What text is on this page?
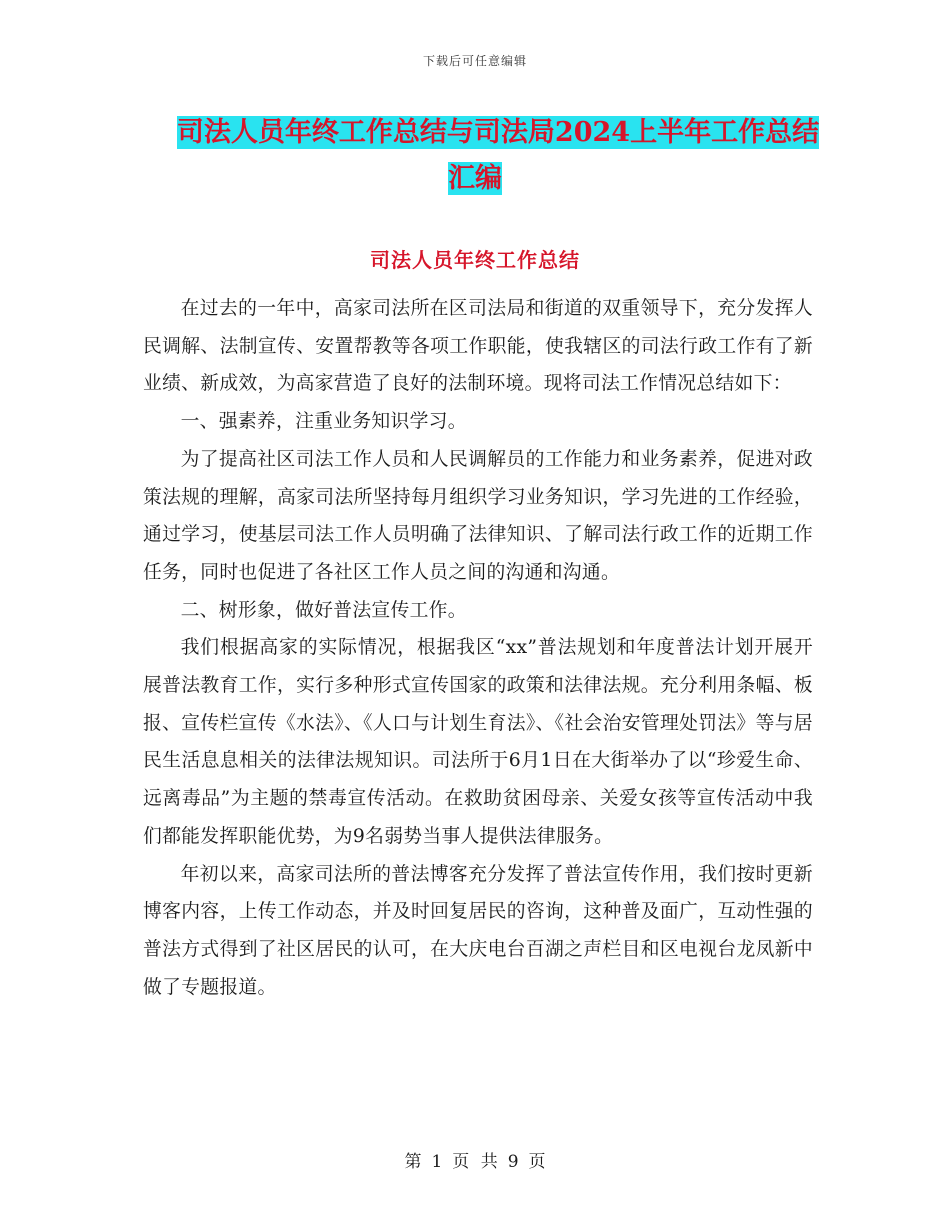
下载后可任意编辑
司法人员年终工作总结与司法局2024上半年工作总结
汇编
司法人员年终工作总结

在过去的一年中，高家司法所在区司法局和街道的双重领导下，充分发挥人民调解、法制宣传、安置帮教等各项工作职能，使我辖区的司法行政工作有了新业绩、新成效，为高家营造了良好的法制环境。现将司法工作情况总结如下：

一、强素养，注重业务知识学习。

为了提高社区司法工作人员和人民调解员的工作能力和业务素养，促进对政策法规的理解，高家司法所坚持每月组织学习业务知识，学习先进的工作经验，通过学习，使基层司法工作人员明确了法律知识、了解司法行政工作的近期工作任务，同时也促进了各社区工作人员之间的沟通和沟通。

二、树形象，做好普法宣传工作。

我们根据高家的实际情况，根据我区“xx”普法规划和年度普法计划开展开展普法教育工作，实行多种形式宣传国家的政策和法律法规。充分利用条幅、板报、宣传栏宣传《水法》、《人口与计划生育法》、《社会治安管理处罚法》等与居民生活息息相关的法律法规知识。司法所于6月1日在大街举办了以“珍爱生命、远离毒品”为主题的禁毒宣传活动。在救助贫困母亲、关爱女孩等宣传活动中我们都能发挥职能优势，为9名弱势当事人提供法律服务。

年初以来，高家司法所的普法博客充分发挥了普法宣传作用，我们按时更新博客内容，上传工作动态，并及时回复居民的咨询，这种普及面广，互动性强的普法方式得到了社区居民的认可，在大庆电台百湖之声栏目和区电视台龙凤新中做了专题报道。

第 1 页 共 9 页
